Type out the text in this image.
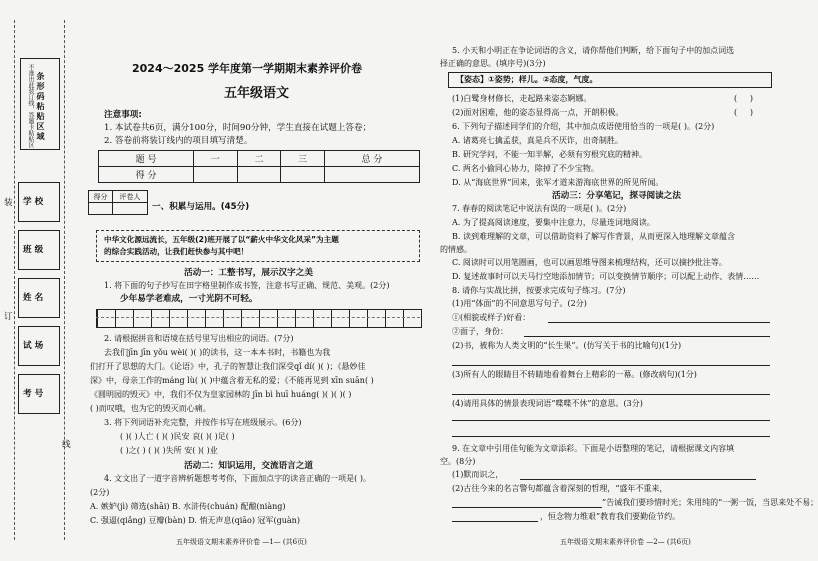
不准出此装订线，答题卡粘贴区 条形码粘贴区域
装
订
线
学 校
班 级
姓 名
试 场
考 号
2024～2025 学年度第一学期期末素养评价卷
五年级语文
注意事项:
1. 本试卷共6页，满分100分，时间90分钟，学生直接在试题上答卷；
2. 答卷前将装订线内的项目填写清楚。
题 号	一	二	三	总 分
得 分				
得分	评卷人

一、积累与运用。(45分)
中华文化源远流长，五年级(2)班开展了以“薪火中华文化风采”为主题
的综合实践活动，让我们赶快参与其中吧！
活动一：工整书写，展示汉字之美
1. 将下面的句子抄写在田字格里制作成书签，注意书写正确、规范、美观。(2分)
少年易学老难成，一寸光阴不可轻。
2. 请根据拼音和语境在括号里写出相应的词语。(7分)
去我们jīn jīn yǒu wèi( )( )的读书，这一本本书时，书籍也为我
们打开了思想的大门。《论语》中，孔子的智慧让我们深受qǐ dí( )( )；《悬妙佳
深》中，母亲工作的máng lù( )( )中蕴含着无私的爱；《不能再见到 xīn suān( )
《圆明园的毁灭》中，我们不仅为皇家园林的 jīn bì huī huáng( )( )( )( )
( )而叹哦，也为它的毁灭而心痛。
3. 将下列词语补充完整，并按作书写在班级展示。(6分)
( )( )人亡 ( )( )民安 哀( )( )足( )
( )之( ) ( )( )失所 安( )( )业
活动二：知识运用，交流语言之道
4. 文文出了一道字音辨析题想考考你，下面加点字的读音正确的一项是( )。
(2分)
A. 嫉妒(jì) 筛选(shāi) B. 水浒传(chuán) 配酿(niàng)
C. 强逼(qiǎng) 豆瓣(bàn) D. 悄无声息(qiāo) 冠军(guàn)
五年级语文期末素养评价卷 —1— (共6页)
5. 小天和小明正在争论词语的含义，请你帮他们判断，给下面句子中的加点词选
择正确的意思。(填序号)(3分)
【姿态】①姿势；样儿。②态度，气度。
(1)白鹭身材修长，走起路来姿态婀娜。	(     )
(2)面对困难，他的姿态显得高一点，开朗积极。	(     )
6. 下列句子描述同学们的介绍，其中加点成语使用恰当的一项是( )。(2分)
A. 诸葛亮七擒孟获，真是兵不厌诈，出奇制胜。
B. 研究学问，不能一知半解，必须有穷根究底的精神。
C. 两名小偷同心协力，除掉了不少宝物。
D. 从“海底世界”回来，张军才道来游海底世界的所见所闻。
活动三：分享笔记，探寻阅读之法
7. 春春的阅读笔记中说法有误的一项是( )。(2分)
A. 为了提高阅读速度，要集中注意力，尽量连词地阅读。
B. 读到难理解的文章，可以借助资料了解写作背景，从而更深入地理解文章蕴含
的情感。
C. 阅读时可以用笔圈画，也可以画思维导图来梳理结构，还可以摘抄批注等。
D. 复述故事时可以天马行空地添加情节；可以变换情节顺序；可以配上动作、表情……
8. 请你与实战比拼，按要求完成句子练习。(7分)
(1)用“体面”的不同意思写句子。(2分)
①(相貌或样子)好看：
②面子，身份：
(2)书，被称为人类文明的“长生果”。(仿写关于书的比喻句)(1分)
(3)所有人的眼睛目不转睛地看着舞台上精彩的一幕。(修改病句)(1分)
(4)请用具体的情景表现词语“喋喋不休”的意思。(3分)
9. 在文章中引用佳句能为文章添彩。下面是小语整理的笔记，请根据课文内容填
空。(8分)
(1)默而识之，
(2)古往今来的名言警句都蕴含着深刻的哲理，“盛年不重来，
”告诫我们要珍惜时光；朱用纯的“一粥一饭，当思来处不易；
，恒念物力维艰”教育我们要勤俭节约。
五年级语文期末素养评价卷 —2— (共6页)
